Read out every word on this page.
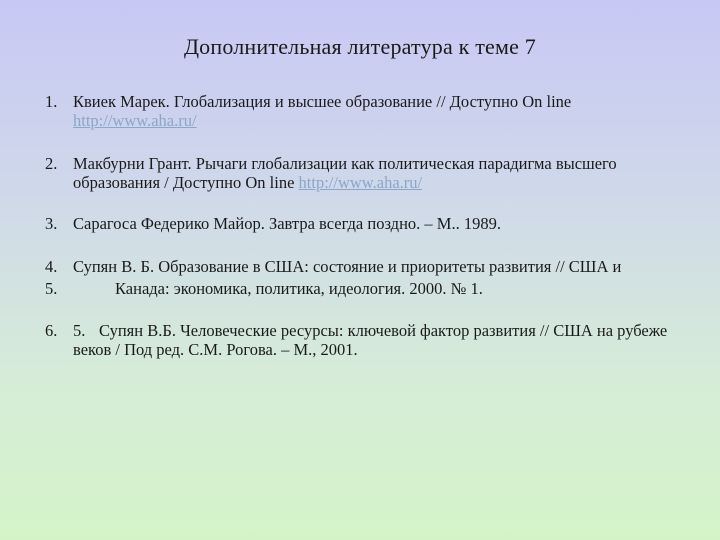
Дополнительная литература к теме 7
1. Квиек Марек. Глобализация и высшее образование // Доступно On line
http://www.aha.ru/
2. Макбурни Грант. Рычаги глобализации как политическая парадигма высшего образования / Доступно On line http://www.aha.ru/
3. Сарагоса Федерико Майор. Завтра всегда поздно. – М.. 1989.
4.
5.
Супян В. Б. Образование в США: состояние и приоритеты развития // США и
Канада: экономика, политика, идеология. 2000. № 1.
6. 5. Супян В.Б. Человеческие ресурсы: ключевой фактор развития // США на рубеже веков / Под ред. С.М. Рогова. – М., 2001.
